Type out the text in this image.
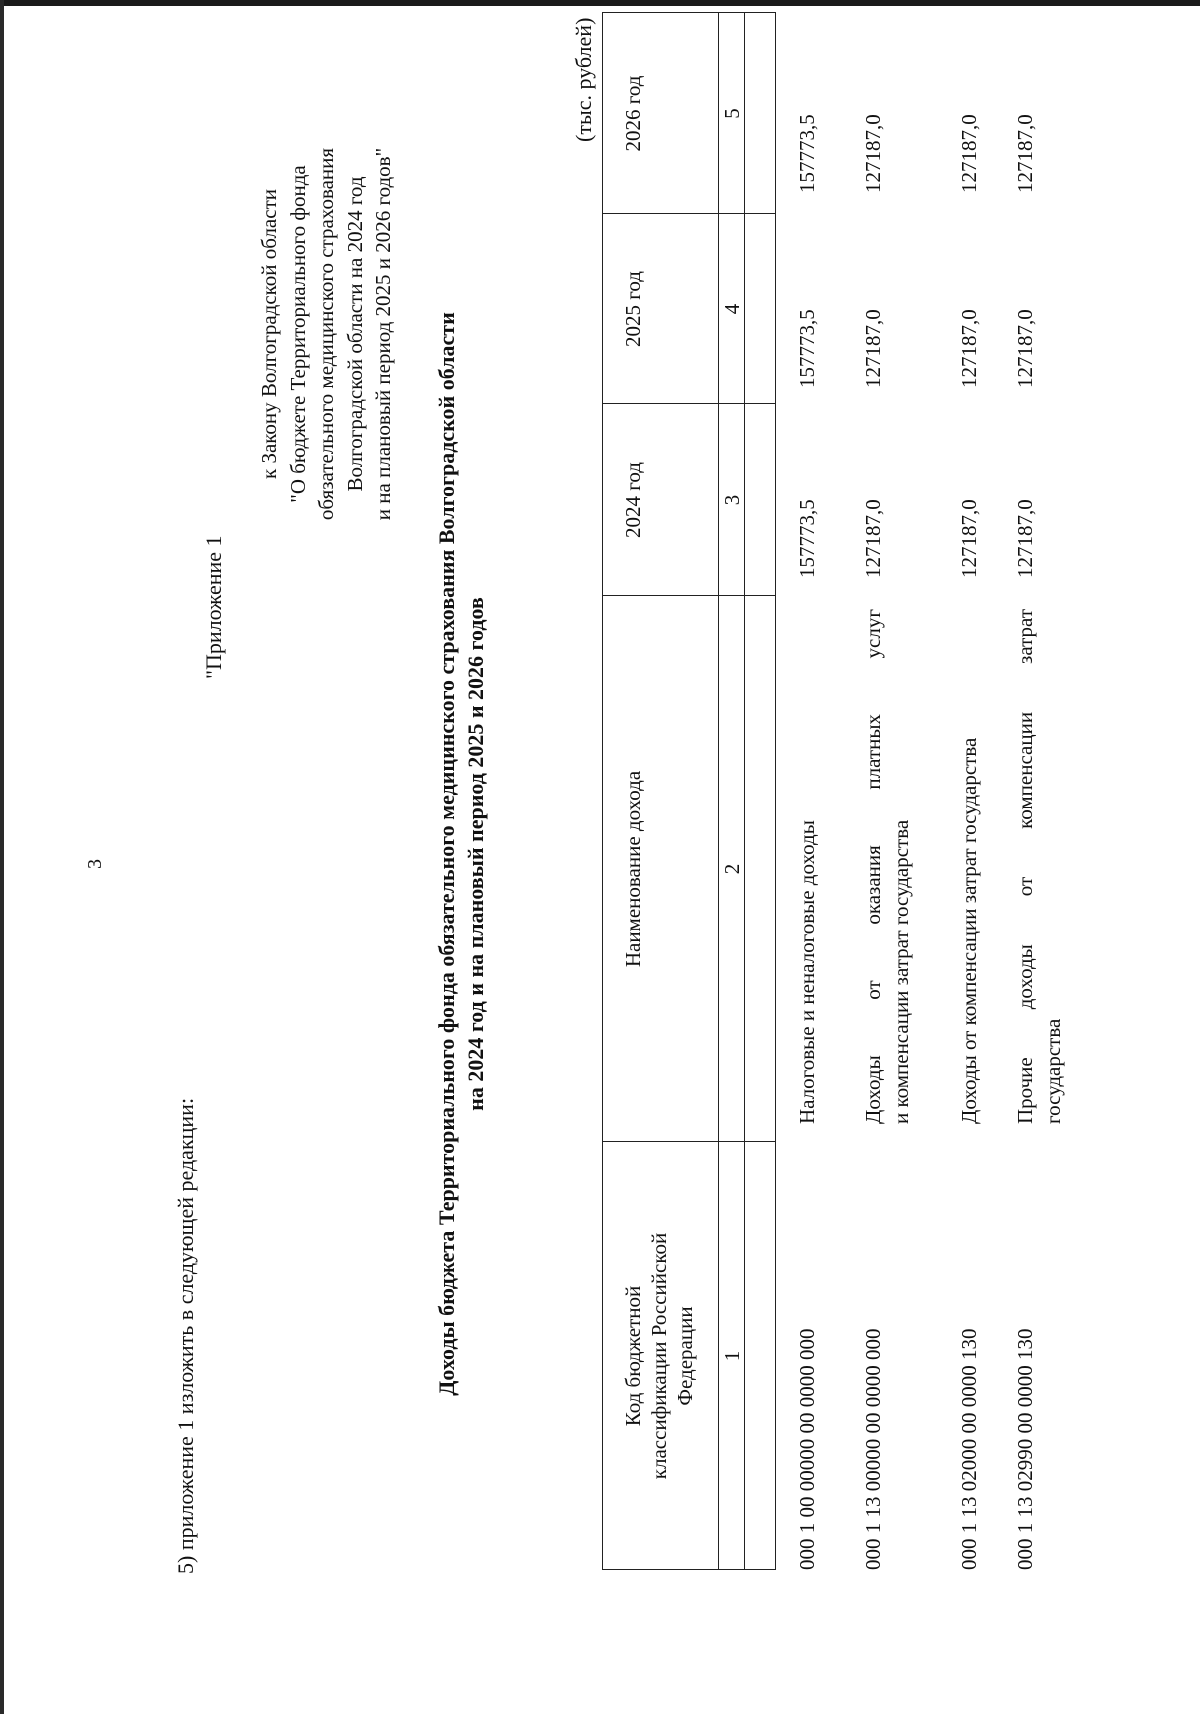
3
5) приложение 1 изложить в следующей редакции:
"Приложение 1
к Закону Волгоградской области "О бюджете Территориального фонда обязательного медицинского страхования Волгоградской области на 2024 год и на плановый период 2025 и 2026 годов" Доходы бюджета Территориального фонда обязательного медицинского страхования Волгоградской области на 2024 год и на плановый период 2025 и 2026 годов
(тыс. рублей)
Код бюджетной классификации Российской Федерации
Наименование дохода
2024 год
2025 год
2026 год
1
2
3
4
5
000 1 00 00000 00 0000 000
Налоговые и неналоговые доходы
157773,5
157773,5
157773,5
000 1 13 00000 00 0000 000
Доходы
от
оказания
платных
услуг
и компенсации затрат государства
127187,0
127187,0
127187,0
000 1 13 02000 00 0000 130
Доходы от компенсации затрат государства
127187,0
127187,0
127187,0
000 1 13 02990 00 0000 130
Прочие
доходы
от
компенсации
затрат
государства
127187,0
127187,0
127187,0
